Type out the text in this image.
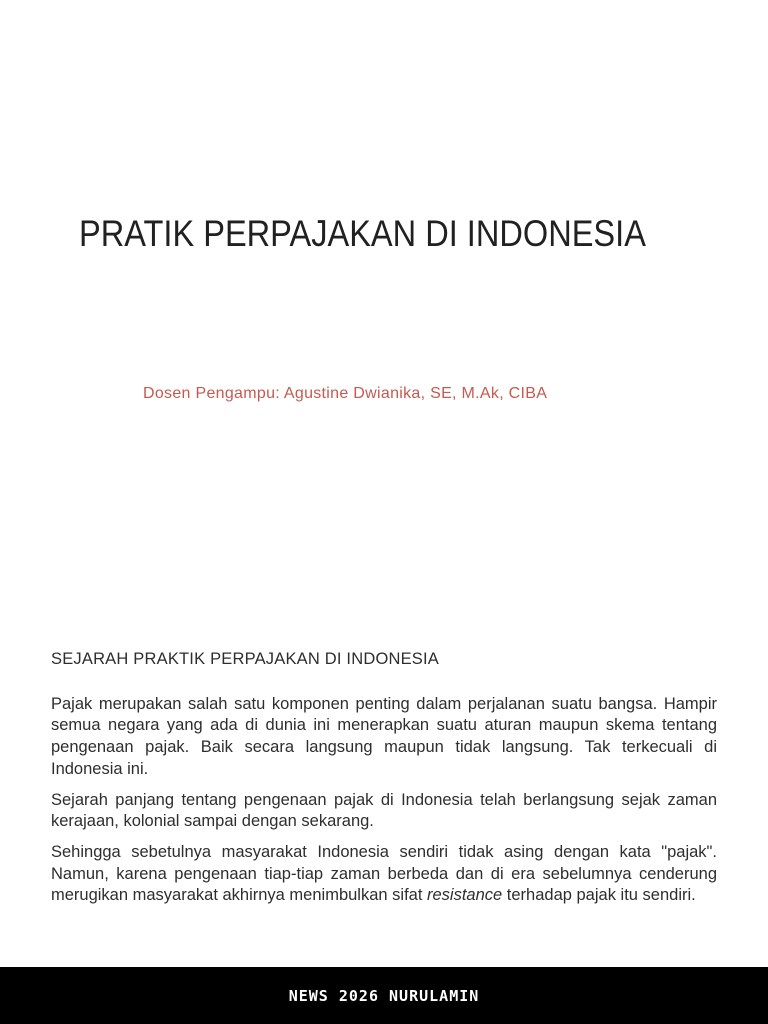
PRATIK PERPAJAKAN DI INDONESIA
Dosen Pengampu: Agustine Dwianika, SE, M.Ak, CIBA
SEJARAH PRAKTIK PERPAJAKAN DI INDONESIA

Pajak merupakan salah satu komponen penting dalam perjalanan suatu bangsa. Hampir semua negara yang ada di dunia ini menerapkan suatu aturan maupun skema tentang pengenaan pajak. Baik secara langsung maupun tidak langsung. Tak terkecuali di Indonesia ini.

Sejarah panjang tentang pengenaan pajak di Indonesia telah berlangsung sejak zaman kerajaan, kolonial sampai dengan sekarang.

Sehingga sebetulnya masyarakat Indonesia sendiri tidak asing dengan kata "pajak". Namun, karena pengenaan tiap-tiap zaman berbeda dan di era sebelumnya cenderung merugikan masyarakat akhirnya menimbulkan sifat resistance terhadap pajak itu sendiri.

NEWS 2026 NURULAMIN
